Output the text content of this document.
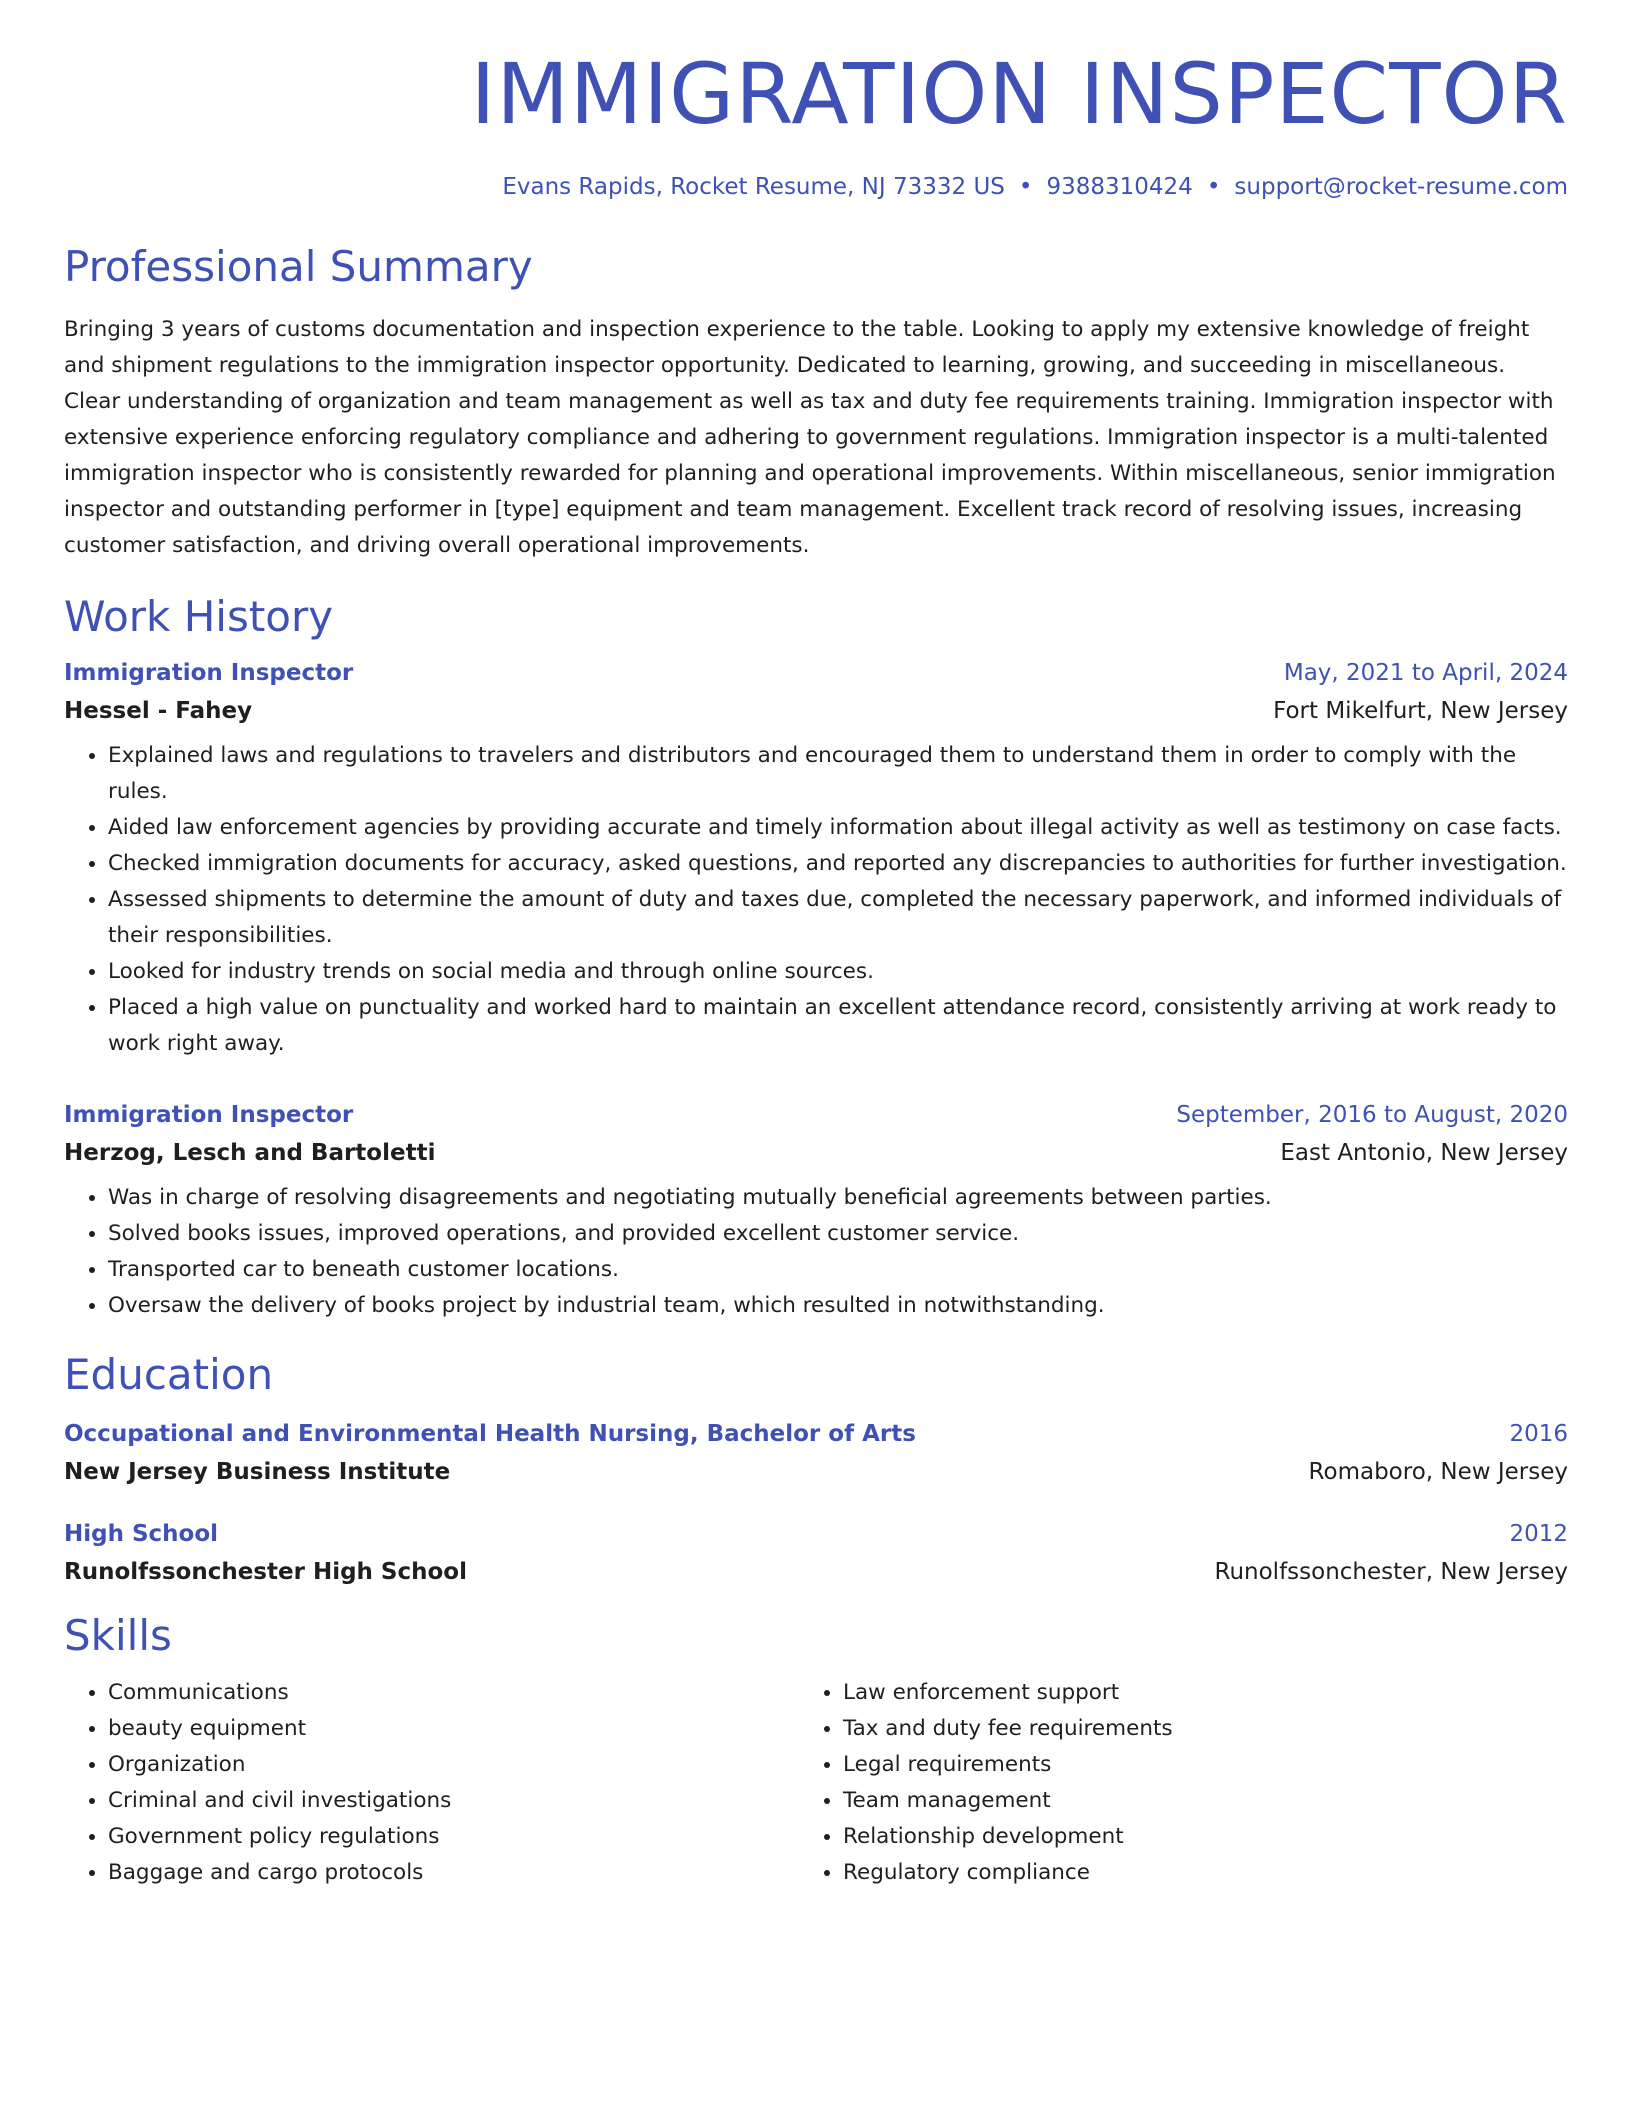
IMMIGRATION INSPECTOR
Evans Rapids, Rocket Resume, NJ 73332 US • 9388310424 • support@rocket-resume.com
Professional Summary
Bringing 3 years of customs documentation and inspection experience to the table. Looking to apply my extensive knowledge of freight and shipment regulations to the immigration inspector opportunity. Dedicated to learning, growing, and succeeding in miscellaneous. Clear understanding of organization and team management as well as tax and duty fee requirements training. Immigration inspector with extensive experience enforcing regulatory compliance and adhering to government regulations. Immigration inspector is a multi-talented immigration inspector who is consistently rewarded for planning and operational improvements. Within miscellaneous, senior immigration inspector and outstanding performer in [type] equipment and team management. Excellent track record of resolving issues, increasing customer satisfaction, and driving overall operational improvements.
Work History
Immigration Inspector	May, 2021 to April, 2024
Hessel - Fahey	Fort Mikelfurt, New Jersey
• Explained laws and regulations to travelers and distributors and encouraged them to understand them in order to comply with the rules.
• Aided law enforcement agencies by providing accurate and timely information about illegal activity as well as testimony on case facts.
• Checked immigration documents for accuracy, asked questions, and reported any discrepancies to authorities for further investigation.
• Assessed shipments to determine the amount of duty and taxes due, completed the necessary paperwork, and informed individuals of their responsibilities.
• Looked for industry trends on social media and through online sources.
• Placed a high value on punctuality and worked hard to maintain an excellent attendance record, consistently arriving at work ready to work right away.
Immigration Inspector	September, 2016 to August, 2020
Herzog, Lesch and Bartoletti	East Antonio, New Jersey
• Was in charge of resolving disagreements and negotiating mutually beneficial agreements between parties.
• Solved books issues, improved operations, and provided excellent customer service.
• Transported car to beneath customer locations.
• Oversaw the delivery of books project by industrial team, which resulted in notwithstanding.
Education
Occupational and Environmental Health Nursing, Bachelor of Arts	2016
New Jersey Business Institute	Romaboro, New Jersey
High School	2012
Runolfssonchester High School	Runolfssonchester, New Jersey
Skills
• Communications
• beauty equipment
• Organization
• Criminal and civil investigations
• Government policy regulations
• Baggage and cargo protocols
• Law enforcement support
• Tax and duty fee requirements
• Legal requirements
• Team management
• Relationship development
• Regulatory compliance
